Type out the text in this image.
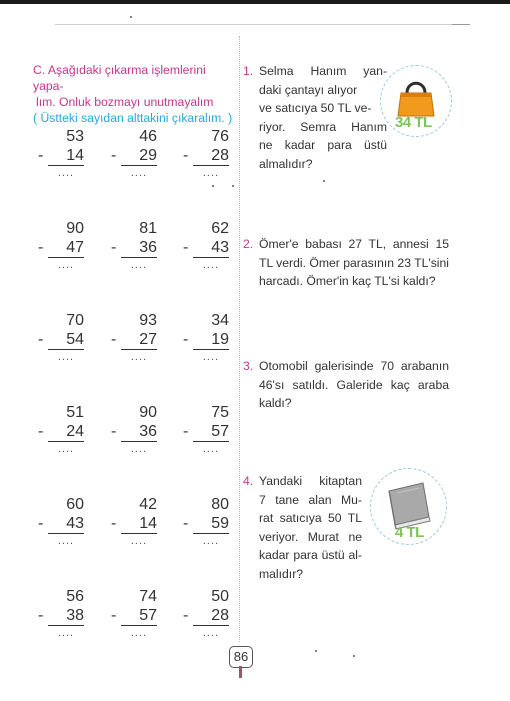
C. Aşağıdaki çıkarma işlemlerini yapa-
lım. Onluk bozmayı unutmayalım
( Üstteki sayıdan alttakini çıkaralım. )
53
- 14
....
46
- 29
....
76
- 28
....
90
- 47
....
81
- 36
....
62
- 43
....
70
- 54
....
93
- 27
....
34
- 19
....
51
- 24
....
90
- 36
....
75
- 57
....
60
- 43
....
42
- 14
....
80
- 59
....
56
- 38
....
74
- 57
....
50
- 28
....
1. Selma Hanım yan-
daki çantayı alıyor
ve satıcıya 50 TL ve-
riyor. Semra Hanım
ne kadar para üstü
almalıdır?
34 TL
2. Ömer'e babası 27 TL, annesi 15
TL verdi. Ömer parasının 23 TL'sini
harcadı. Ömer'in kaç TL'si kaldı?
3. Otomobil galerisinde 70 arabanın
46'sı satıldı. Galeride kaç araba
kaldı?
4. Yandaki kitaptan
7 tane alan Mu-
rat satıcıya 50 TL
veriyor. Murat ne
kadar para üstü al-
malıdır?
4 TL
86
